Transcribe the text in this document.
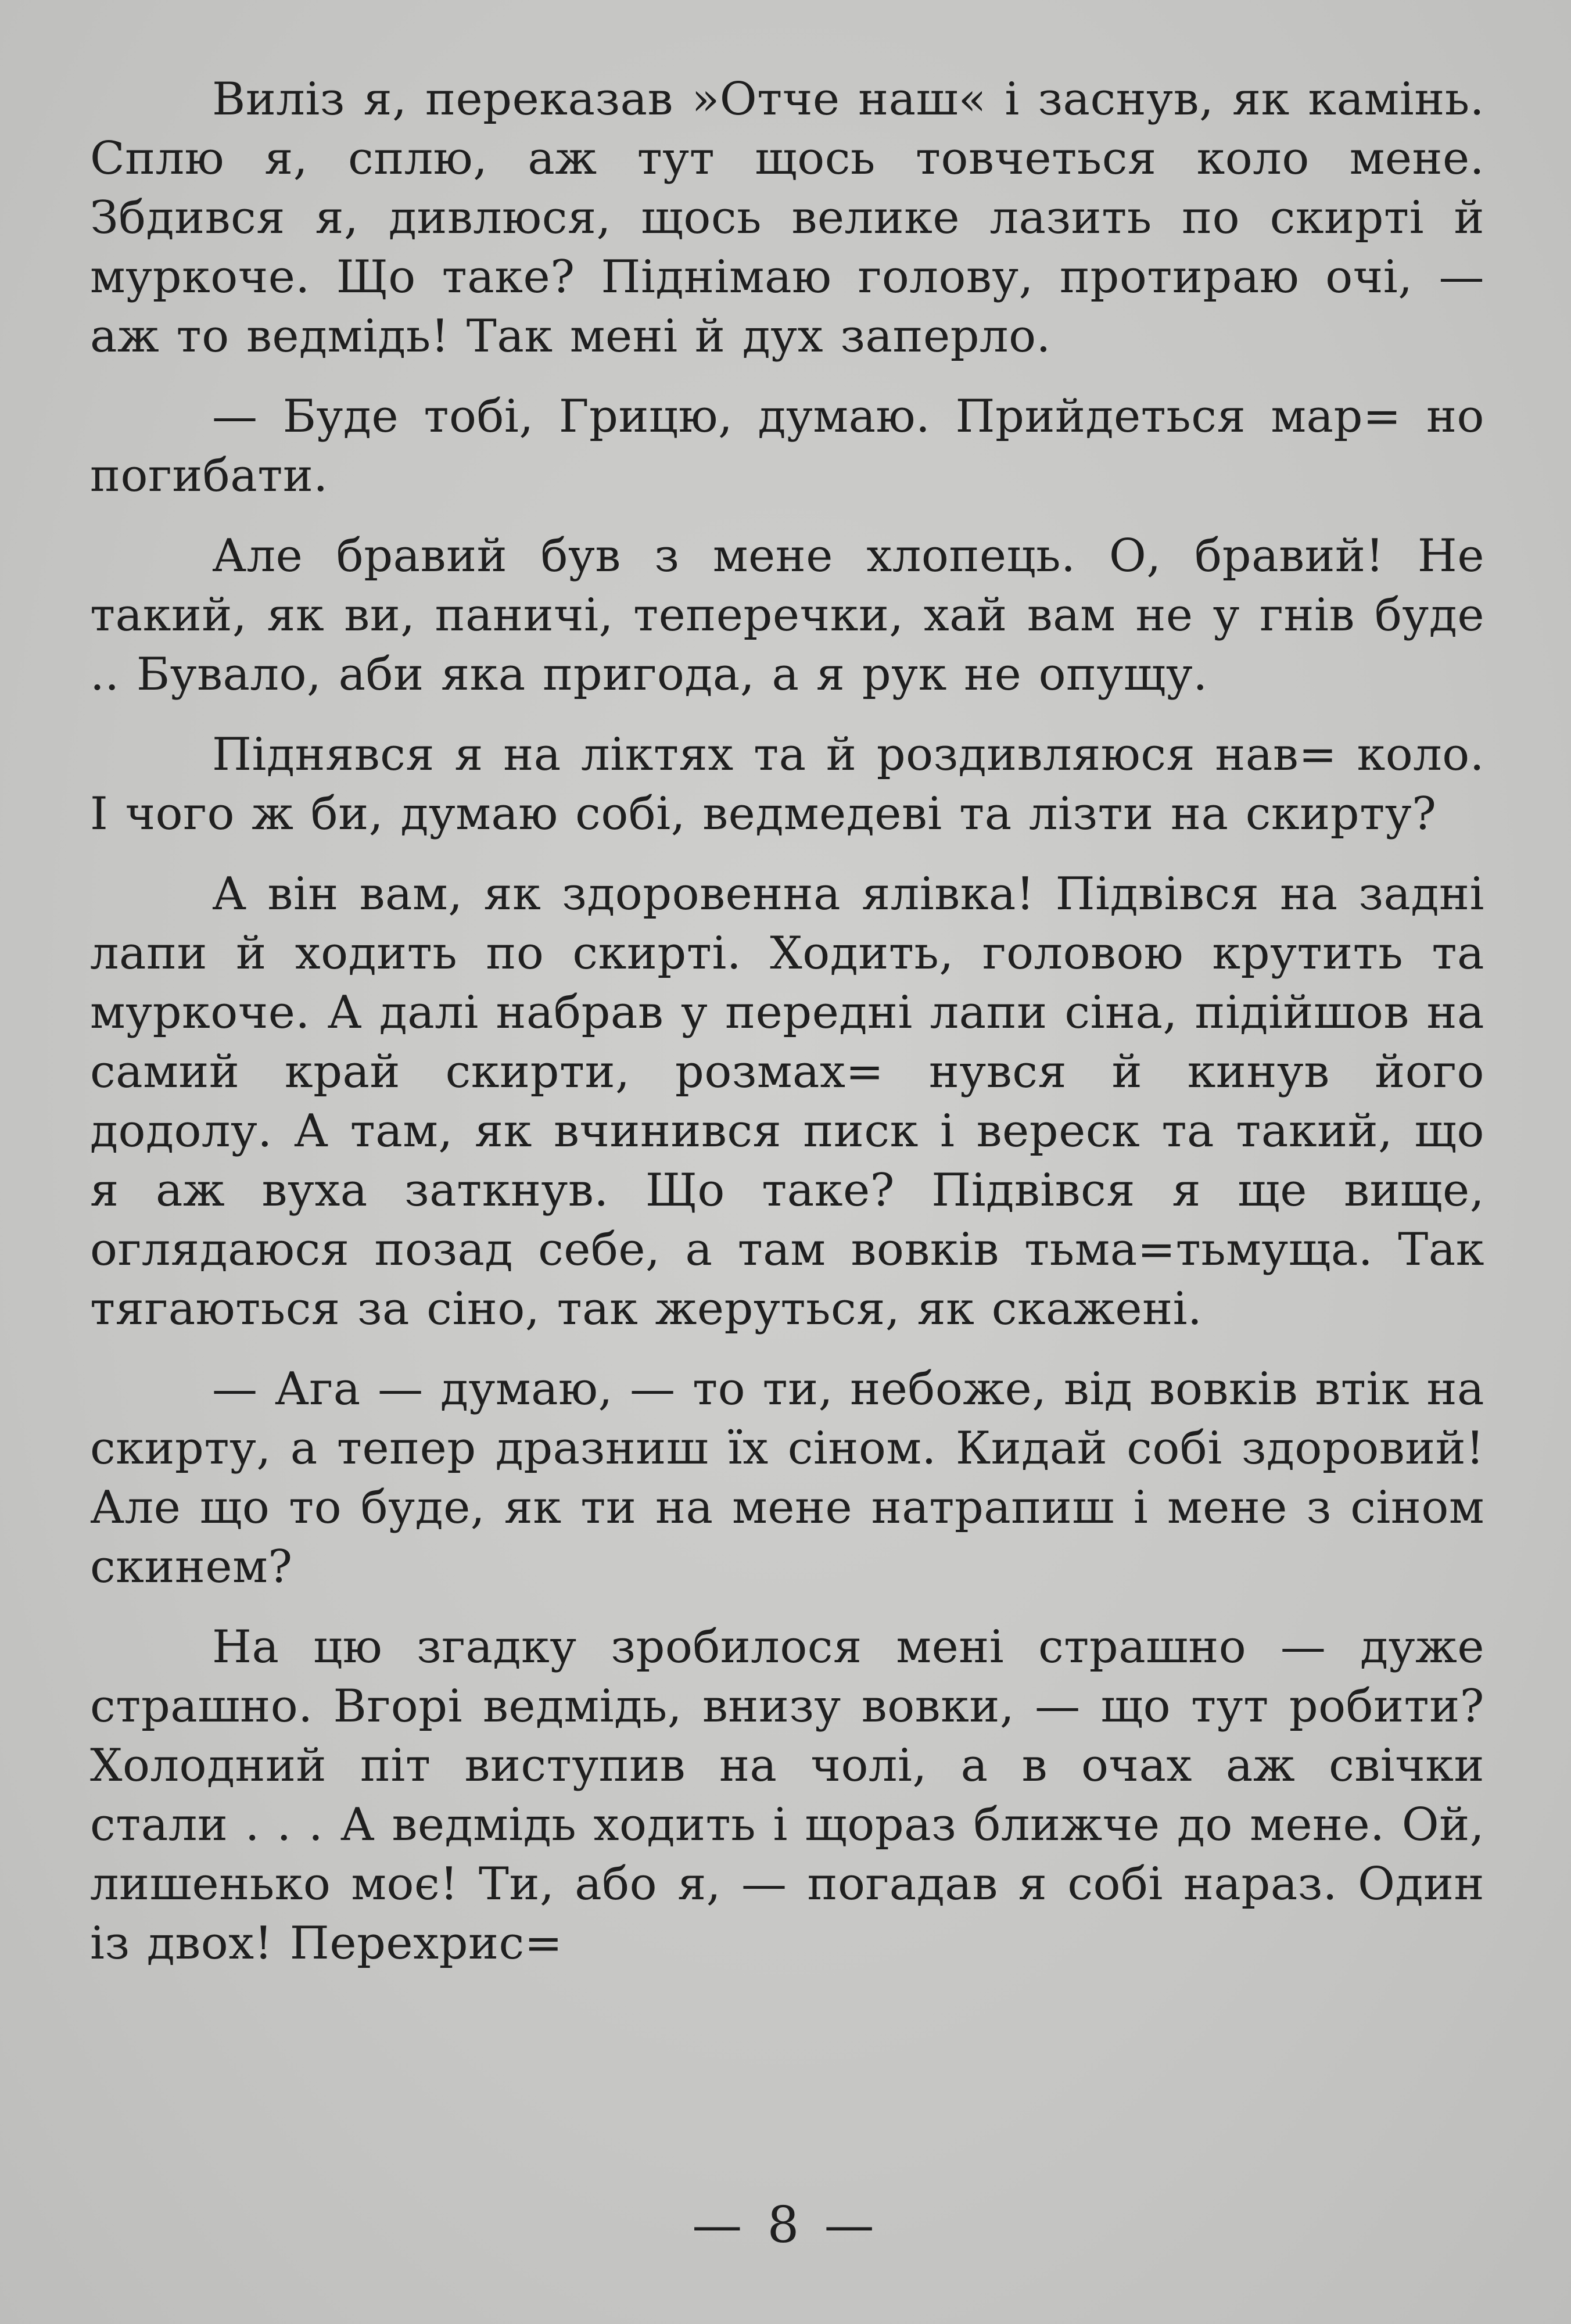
Виліз я, переказав »Отче наш« і заснув, як камінь. Сплю я, сплю, аж тут щось товчеться коло мене. Збдився я, дивлюся, щось велике лазить по скирті й муркоче. Що таке? Піднімаю голову, протираю очі, — аж то ведмідь! Так мені й дух заперло.

— Буде тобі, Грицю, думаю. Прийдеться мар= но погибати.

Але бравий був з мене хлопець. О, бравий! Не такий, як ви, паничі, теперечки, хай вам не у гнів буде .. Бувало, аби яка пригода, а я рук не опущу.

Піднявся я на ліктях та й роздивляюся нав= коло. І чого ж би, думаю собі, ведмедеві та лізти на скирту?

А він вам, як здоровенна ялівка! Підвівся на задні лапи й ходить по скирті. Ходить, головою крутить та муркоче. А далі набрав у передні лапи сіна, підійшов на самий край скирти, розмах= нувся й кинув його додолу. А там, як вчинився писк і вереск та такий, що я аж вуха заткнув. Що таке? Підвівся я ще вище, оглядаюся позад себе, а там вовків тьма=тьмуща. Так тягаються за сіно, так жеруться, як скажені.

— Ага — думаю, — то ти, небоже, від вовків втік на скирту, а тепер дразниш їх сіном. Кидай собі здоровий! Але що то буде, як ти на мене натрапиш і мене з сіном скинем?

На цю згадку зробилося мені страшно — дуже страшно. Вгорі ведмідь, внизу вовки, — що тут робити? Холодний піт виступив на чолі, а в очах аж свічки стали . . . А ведмідь ходить і щораз ближче до мене. Ой, лишенько моє! Ти, або я, — погадав я собі нараз. Один із двох! Перехрис=

— 8 —
